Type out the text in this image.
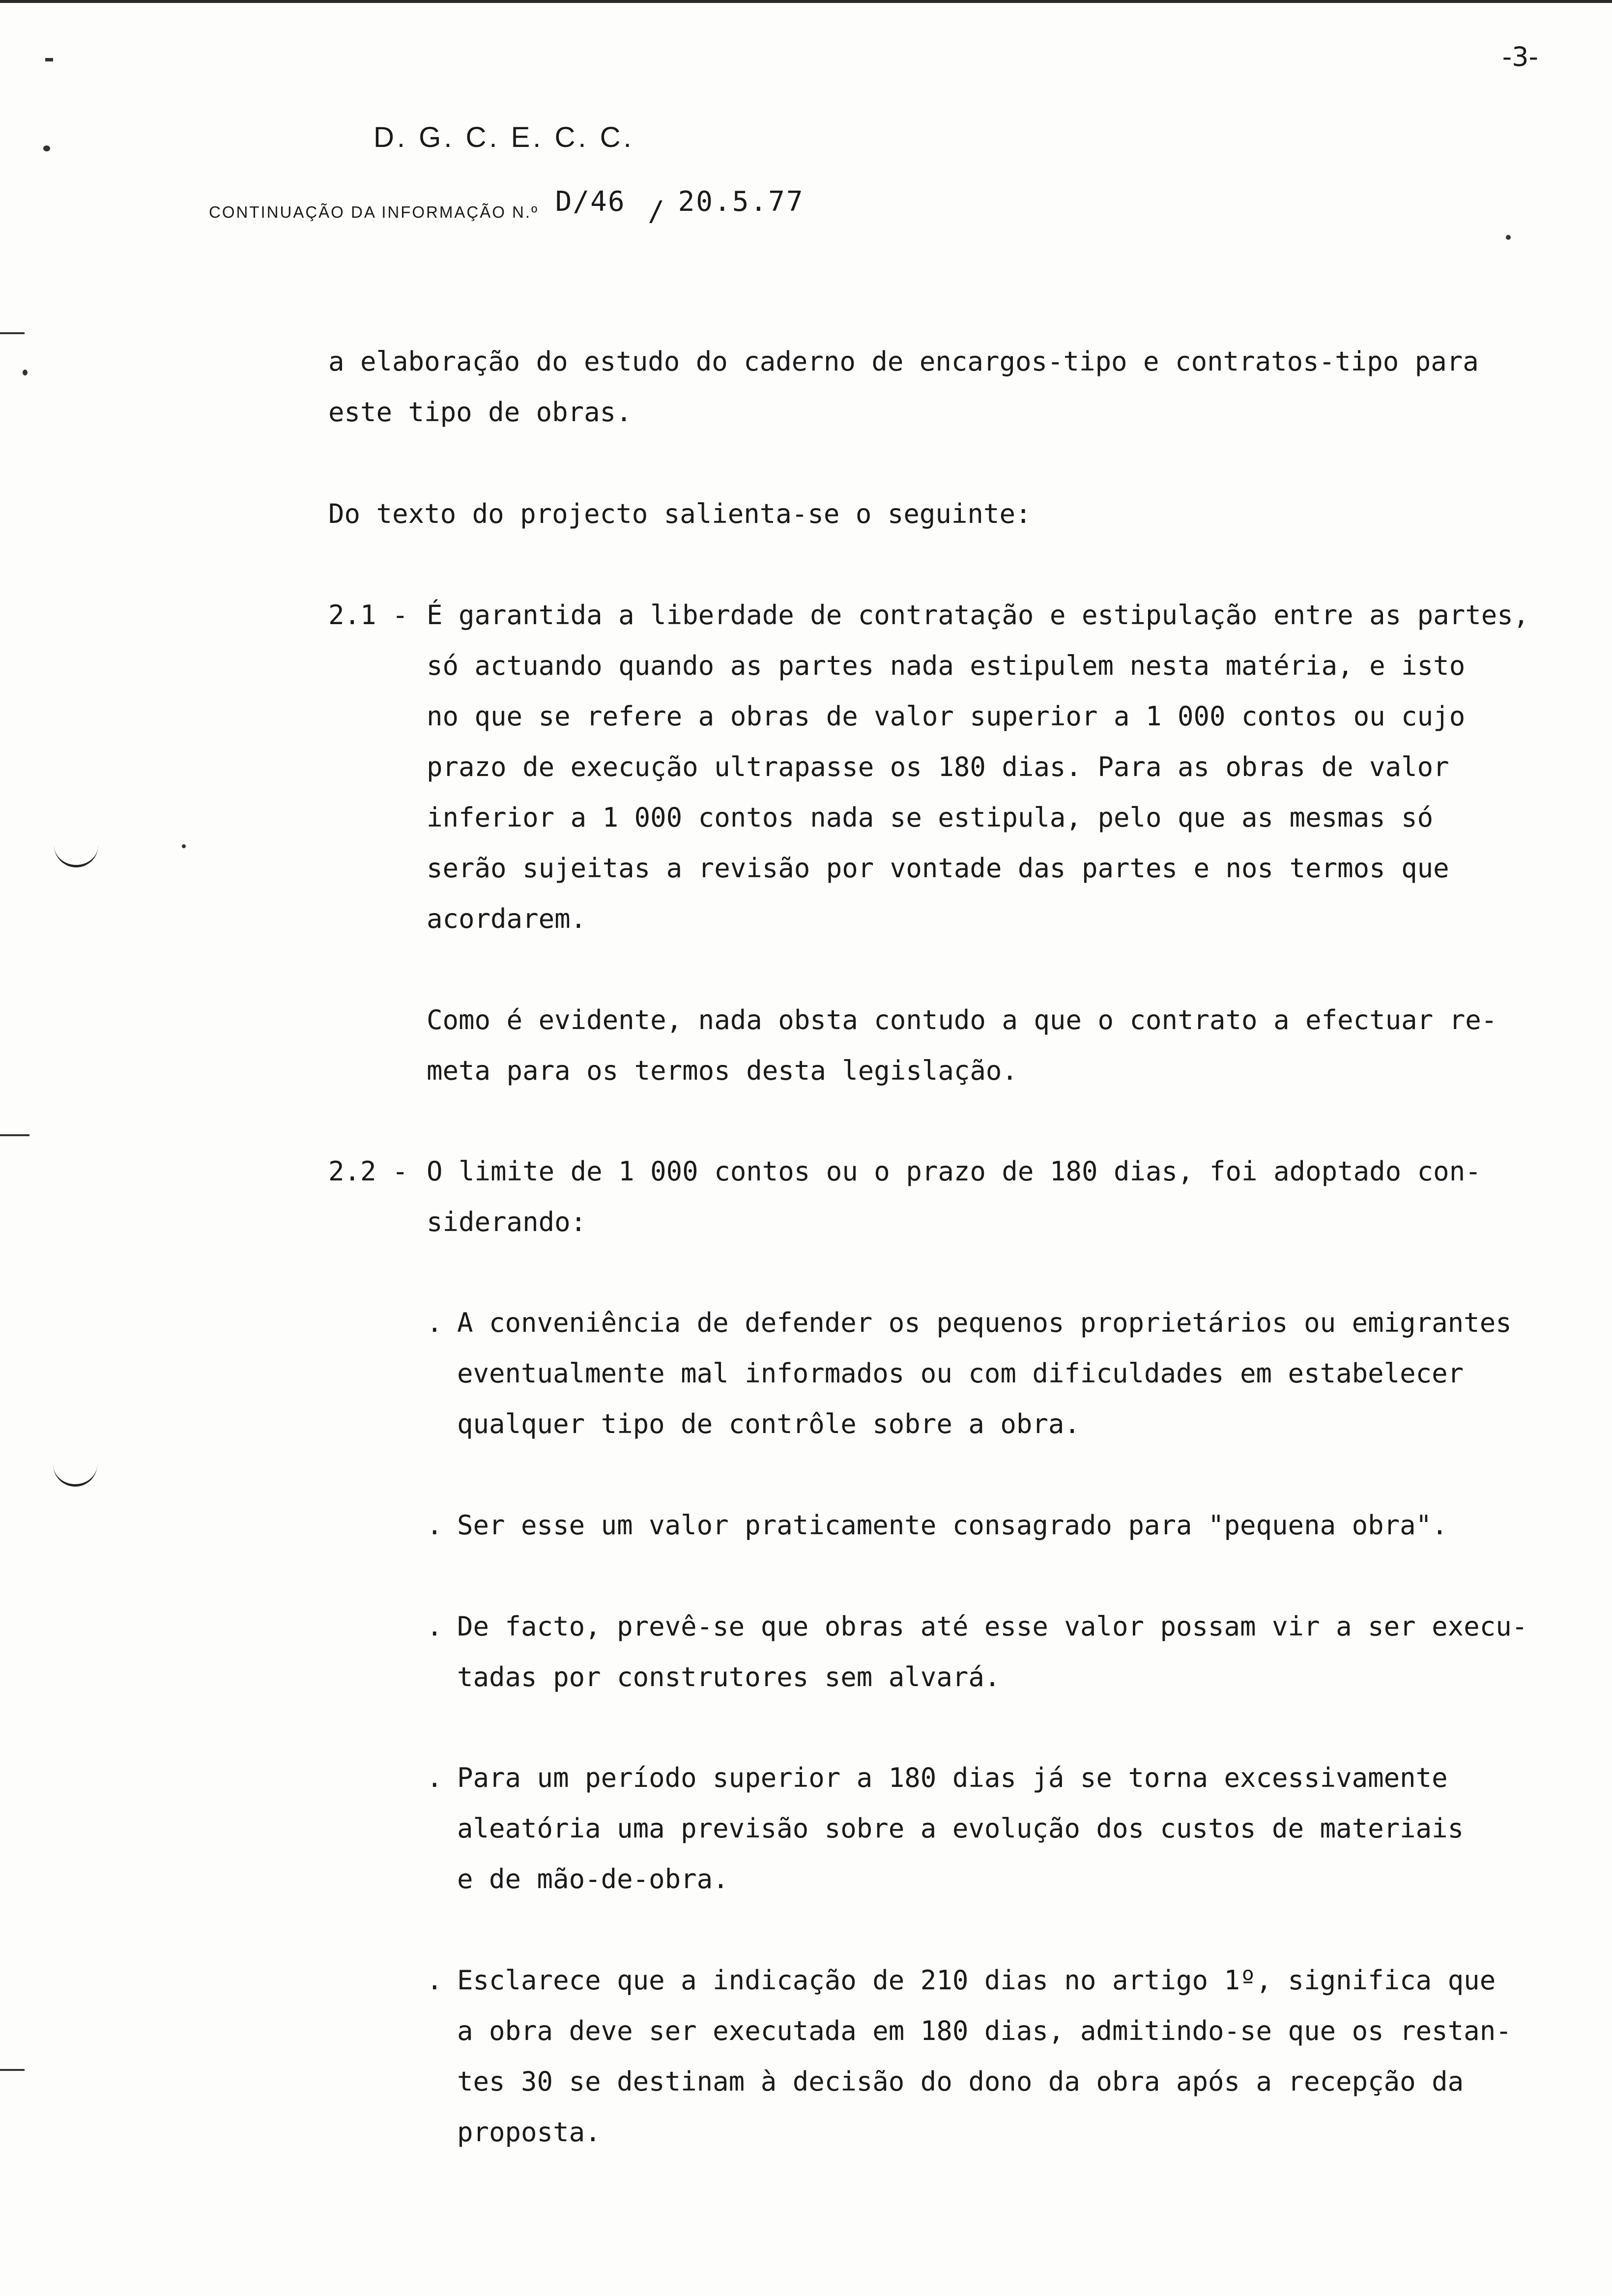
-3-
D. G. C. E. C. C.
CONTINUAÇÃO DA INFORMAÇÃO N.º D/46 / 20.5.77

a elaboração do estudo do caderno de encargos-tipo e contratos-tipo para

este tipo de obras.

Do texto do projecto salienta-se o seguinte:

2.1 - É garantida a liberdade de contratação e estipulação entre as partes,

só actuando quando as partes nada estipulem nesta matéria, e isto

no que se refere a obras de valor superior a 1 000 contos ou cujo

prazo de execução ultrapasse os 180 dias. Para as obras de valor

inferior a 1 000 contos nada se estipula, pelo que as mesmas só

serão sujeitas a revisão por vontade das partes e nos termos que

acordarem.

Como é evidente, nada obsta contudo a que o contrato a efectuar re-

meta para os termos desta legislação.

2.2 - O limite de 1 000 contos ou o prazo de 180 dias, foi adoptado con-

siderando:

. A conveniência de defender os pequenos proprietários ou emigrantes

eventualmente mal informados ou com dificuldades em estabelecer

qualquer tipo de contrôle sobre a obra.

. Ser esse um valor praticamente consagrado para "pequena obra".

. De facto, prevê-se que obras até esse valor possam vir a ser execu-

tadas por construtores sem alvará.

. Para um período superior a 180 dias já se torna excessivamente

aleatória uma previsão sobre a evolução dos custos de materiais

e de mão-de-obra.

. Esclarece que a indicação de 210 dias no artigo 1º, significa que

a obra deve ser executada em 180 dias, admitindo-se que os restan-

tes 30 se destinam à decisão do dono da obra após a recepção da

proposta.
